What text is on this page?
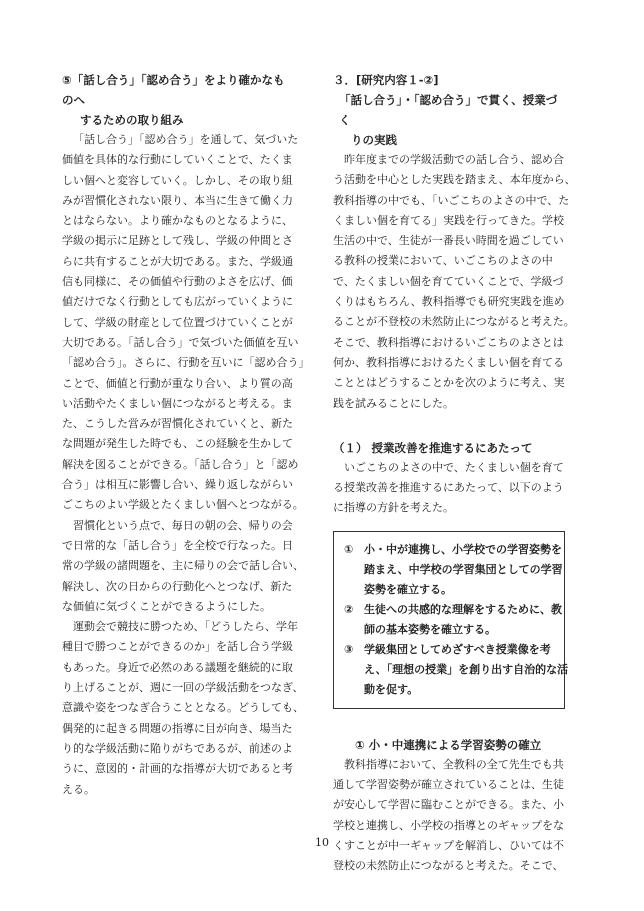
⑤「話し合う」「認め合う」をより確かなものへ
するための取り組み

「話し合う」「認め合う」を通して、気づいた
価値を具体的な行動にしていくことで、たくま
しい個へと変容していく。しかし、その取り組
みが習慣化されない限り、本当に生きて働く力
とはならない。より確かなものとなるように、
学級の掲示に足跡として残し、学級の仲間とさ
らに共有することが大切である。また、学級通
信も同様に、その価値や行動のよさを広げ、価
値だけでなく行動としても広がっていくように
して、学級の財産として位置づけていくことが
大切である。「話し合う」で気づいた価値を互い
「認め合う」。さらに、行動を互いに「認め合う」
ことで、価値と行動が重なり合い、より質の高
い活動やたくましい個につながると考える。ま
た、こうした営みが習慣化されていくと、新た
な問題が発生した時でも、この経験を生かして
解決を図ることができる。「話し合う」と「認め
合う」は相互に影響し合い、繰り返しながらい
ごこちのよい学級とたくましい個へとつながる。

習慣化という点で、毎日の朝の会、帰りの会
で日常的な「話し合う」を全校で行なった。日
常の学級の諸問題を、主に帰りの会で話し合い、
解決し、次の日からの行動化へとつなげ、新た
な価値に気づくことができるようにした。

運動会で競技に勝つため、「どうしたら、学年
種目で勝つことができるのか」を話し合う学級
もあった。身近で必然のある議題を継続的に取
り上げることが、週に一回の学級活動をつなぎ、
意識や姿をつなぎ合うこととなる。どうしても、
偶発的に起きる問題の指導に目が向き、場当た
り的な学級活動に陥りがちであるが、前述のよ
うに、意図的・計画的な指導が大切であると考
える。

３．[研究内容１-②]

「話し合う」・「認め合う」で貫く、授業づく
りの実践

昨年度までの学級活動での話し合う、認め合
う活動を中心とした実践を踏まえ、本年度から、
教科指導の中でも、「いごこちのよさの中で、た
くましい個を育てる」実践を行ってきた。学校
生活の中で、生徒が一番長い時間を過ごしてい
る教科の授業において、いごこちのよさの中
で、たくましい個を育てていくことで、学級づ
くりはもちろん、教科指導でも研究実践を進め
ることが不登校の未然防止につながると考えた。
そこで、教科指導におけるいごこちのよさとは
何か、教科指導におけるたくましい個を育てる
こととはどうすることかを次のように考え、実
践を試みることにした。

（１） 授業改善を推進するにあたって

いごこちのよさの中で、たくましい個を育て
る授業改善を推進するにあたって、以下のよう
に指導の方針を考えた。

① 小・中が連携し、小学校での学習姿勢を
踏まえ、中学校の学習集団としての学習
姿勢を確立する。
② 生徒への共感的な理解をするために、教
師の基本姿勢を確立する。
③ 学級集団としてめざすべき授業像を考
え、「理想の授業」を創り出す自治的な活
動を促す。

① 小・中連携による学習姿勢の確立

教科指導において、全教科の全て先生でも共
通して学習姿勢が確立されていることは、生徒
が安心して学習に臨むことができる。また、小
学校と連携し、小学校の指導とのギャップをな
くすことが中一ギャップを解消し、ひいては不
登校の未然防止につながると考えた。そこで、

10
